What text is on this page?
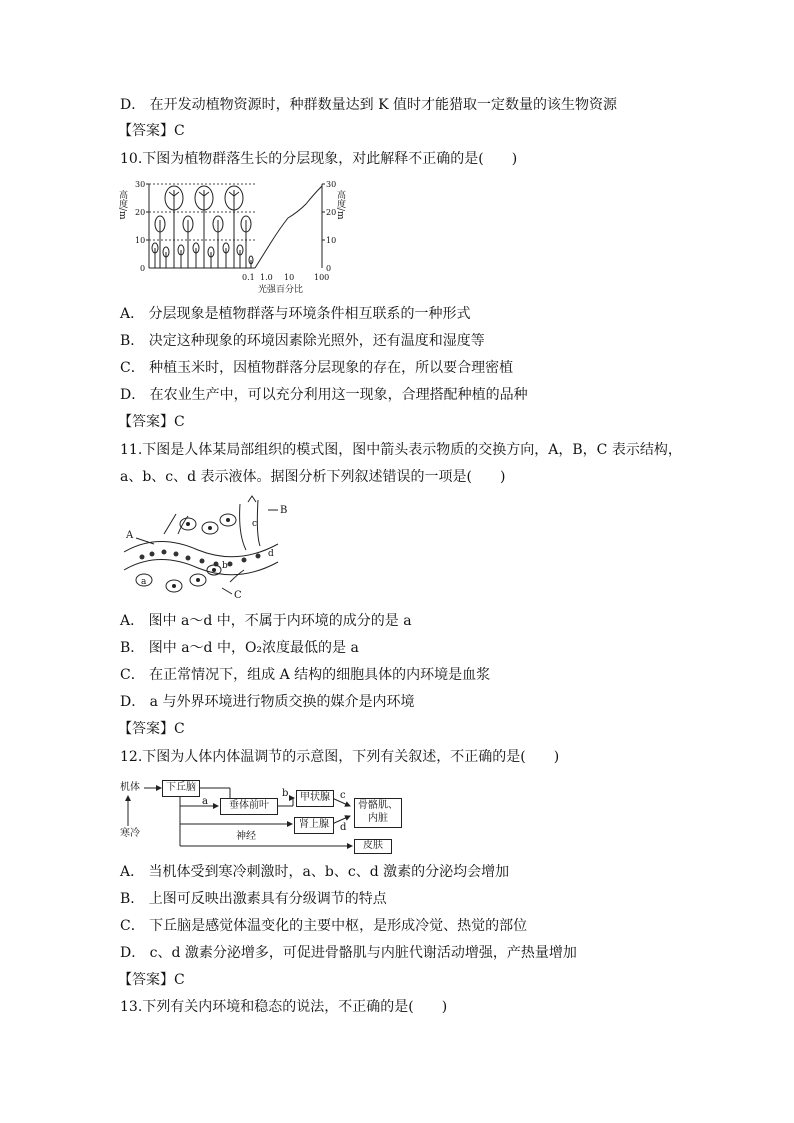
D． 在开发动植物资源时，种群数量达到 K 值时才能猎取一定数量的该生物资源
【答案】C
10.下图为植物群落生长的分层现象，对此解释不正确的是(　　)
高度/m
30
20
10
0
30
20
10
0
高度/m
0.1 1.0 10 100
光强百分比
A． 分层现象是植物群落与环境条件相互联系的一种形式
B． 决定这种现象的环境因素除光照外，还有温度和湿度等
C． 种植玉米时，因植物群落分层现象的存在，所以要合理密植
D． 在农业生产中，可以充分利用这一现象，合理搭配种植的品种
【答案】C
11.下图是人体某局部组织的模式图，图中箭头表示物质的交换方向，A，B，C 表示结构，
a、b、c、d 表示液体。据图分析下列叙述错误的一项是(　　)
A
B
C
a
b
c
d
A． 图中 a～d 中，不属于内环境的成分的是 a
B． 图中 a～d 中，O₂浓度最低的是 a
C． 在正常情况下，组成 A 结构的细胞具体的内环境是血浆
D． a 与外界环境进行物质交换的媒介是内环境
【答案】C
12.下图为人体内体温调节的示意图，下列有关叙述，不正确的是(　　)
机体
寒冷
下丘脑
a	垂体前叶
b	甲状腺	c
肾上腺	d
骨骼肌、
内脏
神经
皮肤
A． 当机体受到寒冷刺激时，a、b、c、d 激素的分泌均会增加
B． 上图可反映出激素具有分级调节的特点
C． 下丘脑是感觉体温变化的主要中枢，是形成冷觉、热觉的部位
D． c、d 激素分泌增多，可促进骨骼肌与内脏代谢活动增强，产热量增加
【答案】C
13.下列有关内环境和稳态的说法，不正确的是(　　)
